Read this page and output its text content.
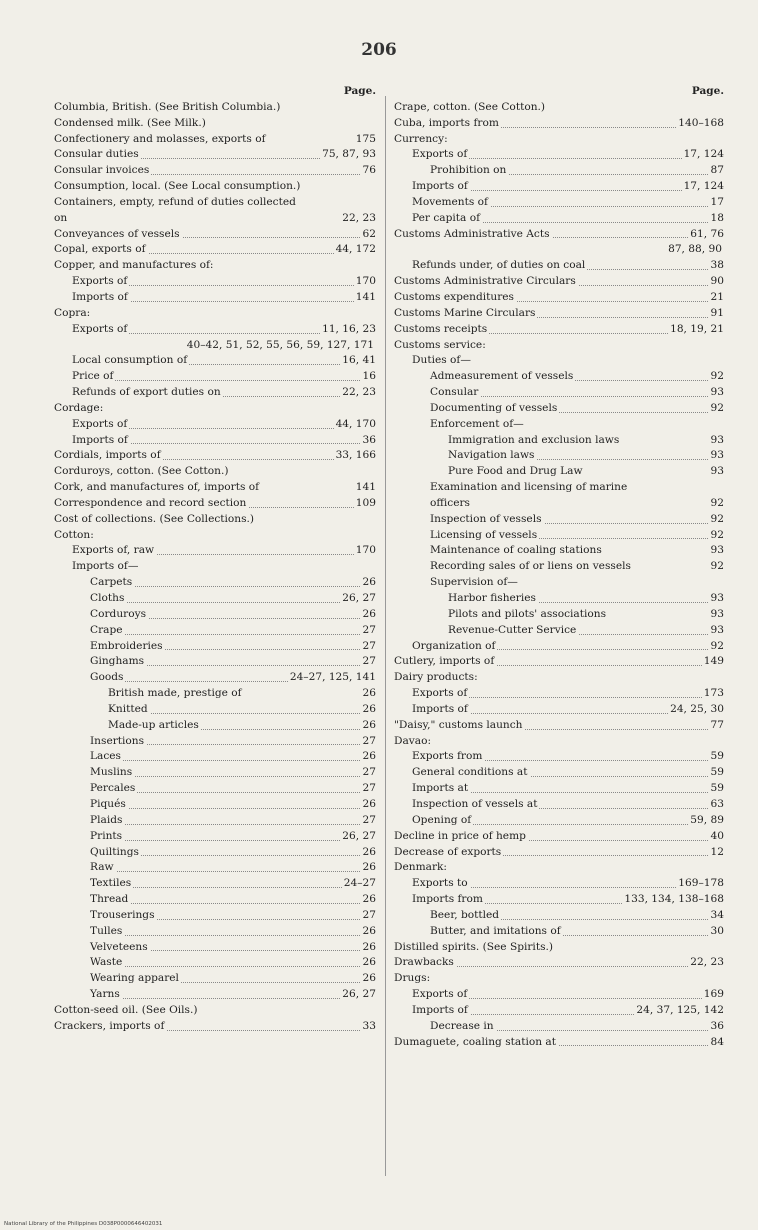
206
Page.
Columbia, British. (See British Columbia.)
Condensed milk. (See Milk.)
Confectionery and molasses, exports of	175
Consular duties	75, 87, 93
Consular invoices	76
Consumption, local. (See Local consumption.)
Containers, empty, refund of duties collected on	22, 23
Conveyances of vessels	62
Copal, exports of	44, 172
Copper, and manufactures of:
Exports of	170
Imports of	141
Copra:
Exports of	11, 16, 23
40–42, 51, 52, 55, 56, 59, 127, 171
Local consumption of	16, 41
Price of	16
Refunds of export duties on	22, 23
Cordage:
Exports of	44, 170
Imports of	36
Cordials, imports of	33, 166
Corduroys, cotton. (See Cotton.)
Cork, and manufactures of, imports of	141
Correspondence and record section	109
Cost of collections. (See Collections.)
Cotton:
Exports of, raw	170
Imports of—
Carpets	26
Cloths	26, 27
Corduroys	26
Crape	27
Embroideries	27
Ginghams	27
Goods	24–27, 125, 141
British made, prestige of	26
Knitted	26
Made-up articles	26
Insertions	27
Laces	26
Muslins	27
Percales	27
Piqués	26
Plaids	27
Prints	26, 27
Quiltings	26
Raw	26
Textiles	24–27
Thread	26
Trouserings	27
Tulles	26
Velveteens	26
Waste	26
Wearing apparel	26
Yarns	26, 27
Cotton-seed oil. (See Oils.)
Crackers, imports of	33
Page.
Crape, cotton. (See Cotton.)
Cuba, imports from	140–168
Currency:
Exports of	17, 124
Prohibition on	87
Imports of	17, 124
Movements of	17
Per capita of	18
Customs Administrative Acts	61, 76
87, 88, 90
Refunds under, of duties on coal	38
Customs Administrative Circulars	90
Customs expenditures	21
Customs Marine Circulars	91
Customs receipts	18, 19, 21
Customs service:
Duties of—
Admeasurement of vessels	92
Consular	93
Documenting of vessels	92
Enforcement of—
Immigration and exclusion laws	93
Navigation laws	93
Pure Food and Drug Law	93
Examination and licensing of marine officers	92
Inspection of vessels	92
Licensing of vessels	92
Maintenance of coaling stations	93
Recording sales of or liens on vessels	92
Supervision of—
Harbor fisheries	93
Pilots and pilots' associations	93
Revenue-Cutter Service	93
Organization of	92
Cutlery, imports of	149
Dairy products:
Exports of	173
Imports of	24, 25, 30
"Daisy," customs launch	77
Davao:
Exports from	59
General conditions at	59
Imports at	59
Inspection of vessels at	63
Opening of	59, 89
Decline in price of hemp	40
Decrease of exports	12
Denmark:
Exports to	169–178
Imports from	133, 134, 138–168
Beer, bottled	34
Butter, and imitations of	30
Distilled spirits. (See Spirits.)
Drawbacks	22, 23
Drugs:
Exports of	169
Imports of	24, 37, 125, 142
Decrease in	36
Dumaguete, coaling station at	84
National Library of the Philippines D038P0000646402031
